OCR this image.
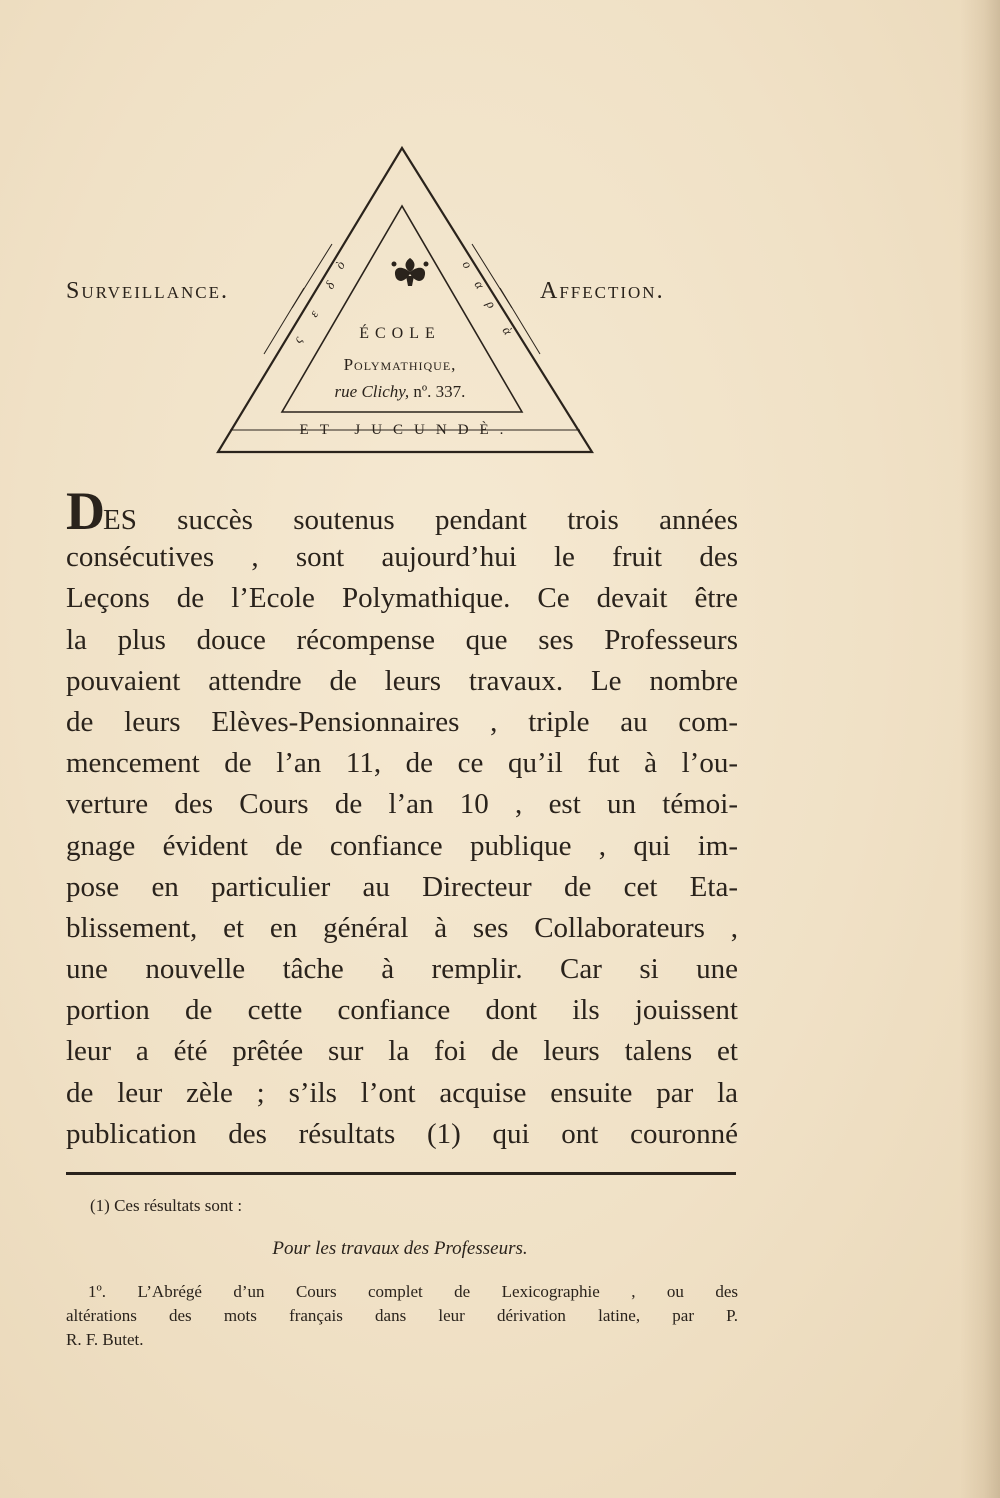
ò
δ
ε
ς
ο
α
ρ
ὰ
Surveillance.	Affection.
ÉCOLE
Polymathique,
rue Clichy, nº. 337.
ET JUCUNDÈ.
DES succès soutenus pendant trois années
consécutives , sont aujourd’hui le fruit des
Leçons de l’Ecole Polymathique. Ce devait être
la plus douce récompense que ses Professeurs
pouvaient attendre de leurs travaux. Le nombre
de leurs Elèves-Pensionnaires , triple au com-
mencement de l’an 11, de ce qu’il fut à l’ou-
verture des Cours de l’an 10 , est un témoi-
gnage évident de confiance publique , qui im-
pose en particulier au Directeur de cet Eta-
blissement, et en général à ses Collaborateurs ,
une nouvelle tâche à remplir. Car si une
portion de cette confiance dont ils jouissent
leur a été prêtée sur la foi de leurs talens et
de leur zèle ; s’ils l’ont acquise ensuite par la
publication des résultats (1) qui ont couronné
(1) Ces résultats sont :
Pour les travaux des Professeurs.
1º. L’Abrégé d’un Cours complet de Lexicographie , ou des
altérations des mots français dans leur dérivation latine, par P.
R. F. Butet.
